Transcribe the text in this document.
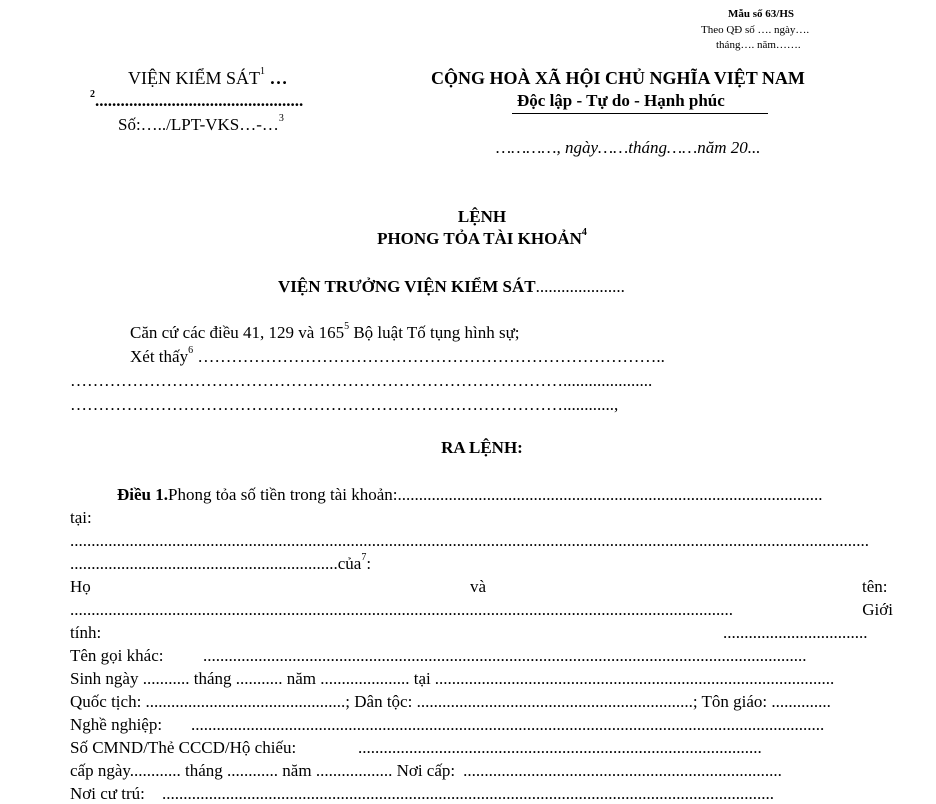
Mẫu số 63/HS
Theo QĐ số …. ngày….
tháng…. năm…….
VIỆN KIỂM SÁT$^1$ …
$^2$.................................................
Số:…../LPT-VKS…-…$^3$
CỘNG HOÀ XÃ HỘI CHỦ NGHĨA VIỆT NAM
Độc lập - Tự do - Hạnh phúc
…………, ngày……tháng……năm 20...
LỆNH
PHONG TỎA TÀI KHOẢN$^4$
VIỆN TRƯỞNG VIỆN KIỂM SÁT.....................
Căn cứ các điều 41, 129 và $165^5$ Bộ luật Tố tụng hình sự;
Xét thấy$^6$ ………………………………………………………………………..
…………………………………………………………………………….....................
……………………………………………………………………………............,
RA LỆNH:
Điều 1. Phong tỏa số tiền trong tài khoản: ....................................................................................................
tại:
............................................................................................................................................................................................
...............................................................của$^7$:
Họ	và	tên:
............................................................................................................................................................	Giới
tính:	..................................
Tên gọi khác:	..............................................................................................................................................
Sinh ngày ........... tháng ........... năm ..................... tại ..............................................................................................
Quốc tịch: ...............................................; Dân tộc: .................................................................; Tôn giáo: ..............
Nghề nghiệp:	.....................................................................................................................................................
Số CMND/Thẻ CCCD/Hộ chiếu:	...............................................................................................
cấp ngày............ tháng ............ năm .................. Nơi cấp: ...........................................................................
Nơi cư trú:	................................................................................................................................................
